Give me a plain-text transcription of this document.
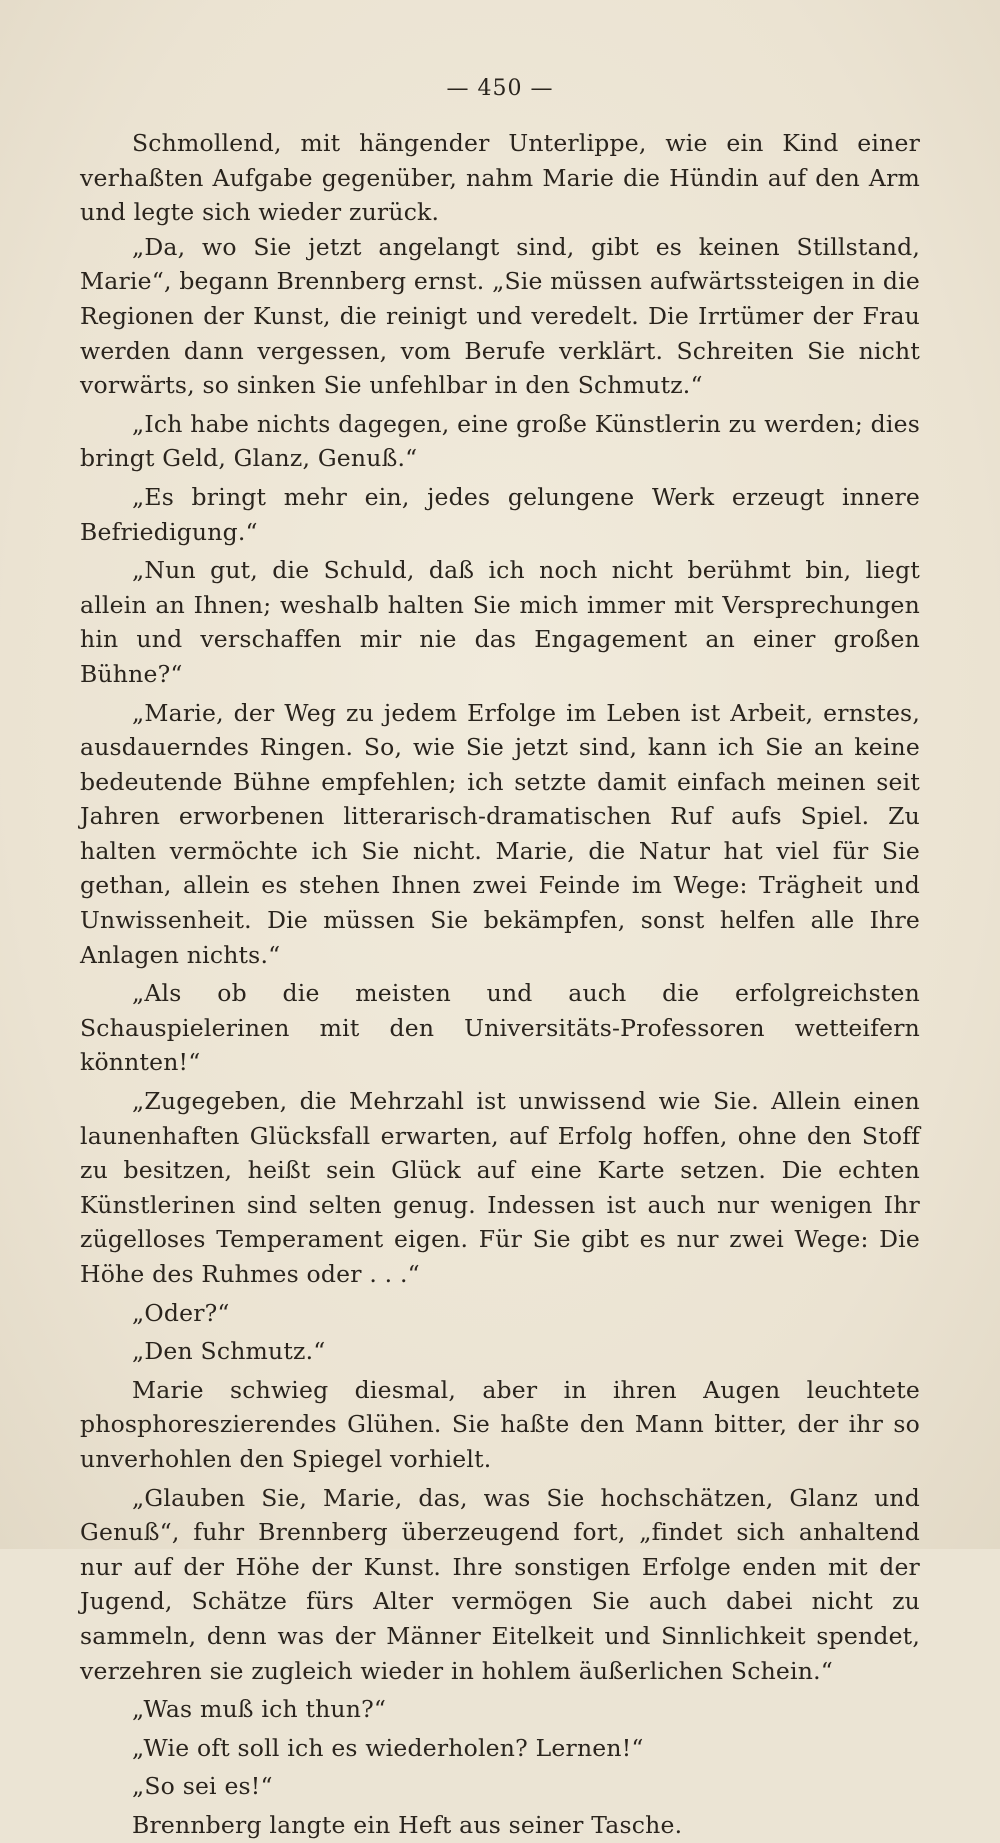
— 450 —

Schmollend, mit hängender Unterlippe, wie ein Kind einer verhaßten Aufgabe gegenüber, nahm Marie die Hündin auf den Arm und legte sich wieder zurück.

„Da, wo Sie jetzt angelangt sind, gibt es keinen Stillstand, Marie“, begann Brennberg ernst. „Sie müssen aufwärtssteigen in die Regionen der Kunst, die reinigt und veredelt. Die Irrtümer der Frau werden dann vergessen, vom Berufe verklärt. Schreiten Sie nicht vorwärts, so sinken Sie unfehlbar in den Schmutz.“

„Ich habe nichts dagegen, eine große Künstlerin zu werden; dies bringt Geld, Glanz, Genuß.“

„Es bringt mehr ein, jedes gelungene Werk erzeugt innere Befriedigung.“

„Nun gut, die Schuld, daß ich noch nicht berühmt bin, liegt allein an Ihnen; weshalb halten Sie mich immer mit Versprechungen hin und verschaffen mir nie das Engagement an einer großen Bühne?“

„Marie, der Weg zu jedem Erfolge im Leben ist Arbeit, ernstes, ausdauerndes Ringen. So, wie Sie jetzt sind, kann ich Sie an keine bedeutende Bühne empfehlen; ich setzte damit einfach meinen seit Jahren erworbenen litterarisch-dramatischen Ruf aufs Spiel. Zu halten vermöchte ich Sie nicht. Marie, die Natur hat viel für Sie gethan, allein es stehen Ihnen zwei Feinde im Wege: Trägheit und Unwissenheit. Die müssen Sie bekämpfen, sonst helfen alle Ihre Anlagen nichts.“

„Als ob die meisten und auch die erfolgreichsten Schauspielerinen mit den Universitäts-Professoren wetteifern könnten!“

„Zugegeben, die Mehrzahl ist unwissend wie Sie. Allein einen launenhaften Glücksfall erwarten, auf Erfolg hoffen, ohne den Stoff zu besitzen, heißt sein Glück auf eine Karte setzen. Die echten Künstlerinen sind selten genug. Indessen ist auch nur wenigen Ihr zügelloses Temperament eigen. Für Sie gibt es nur zwei Wege: Die Höhe des Ruhmes oder . . .“

„Oder?“

„Den Schmutz.“

Marie schwieg diesmal, aber in ihren Augen leuchtete phosphoreszierendes Glühen. Sie haßte den Mann bitter, der ihr so unverhohlen den Spiegel vorhielt.

„Glauben Sie, Marie, das, was Sie hochschätzen, Glanz und Genuß“, fuhr Brennberg überzeugend fort, „findet sich anhaltend nur auf der Höhe der Kunst. Ihre sonstigen Erfolge enden mit der Jugend, Schätze fürs Alter vermögen Sie auch dabei nicht zu sammeln, denn was der Männer Eitelkeit und Sinnlichkeit spendet, verzehren sie zugleich wieder in hohlem äußerlichen Schein.“

„Was muß ich thun?“

„Wie oft soll ich es wiederholen? Lernen!“

„So sei es!“

Brennberg langte ein Heft aus seiner Tasche.
